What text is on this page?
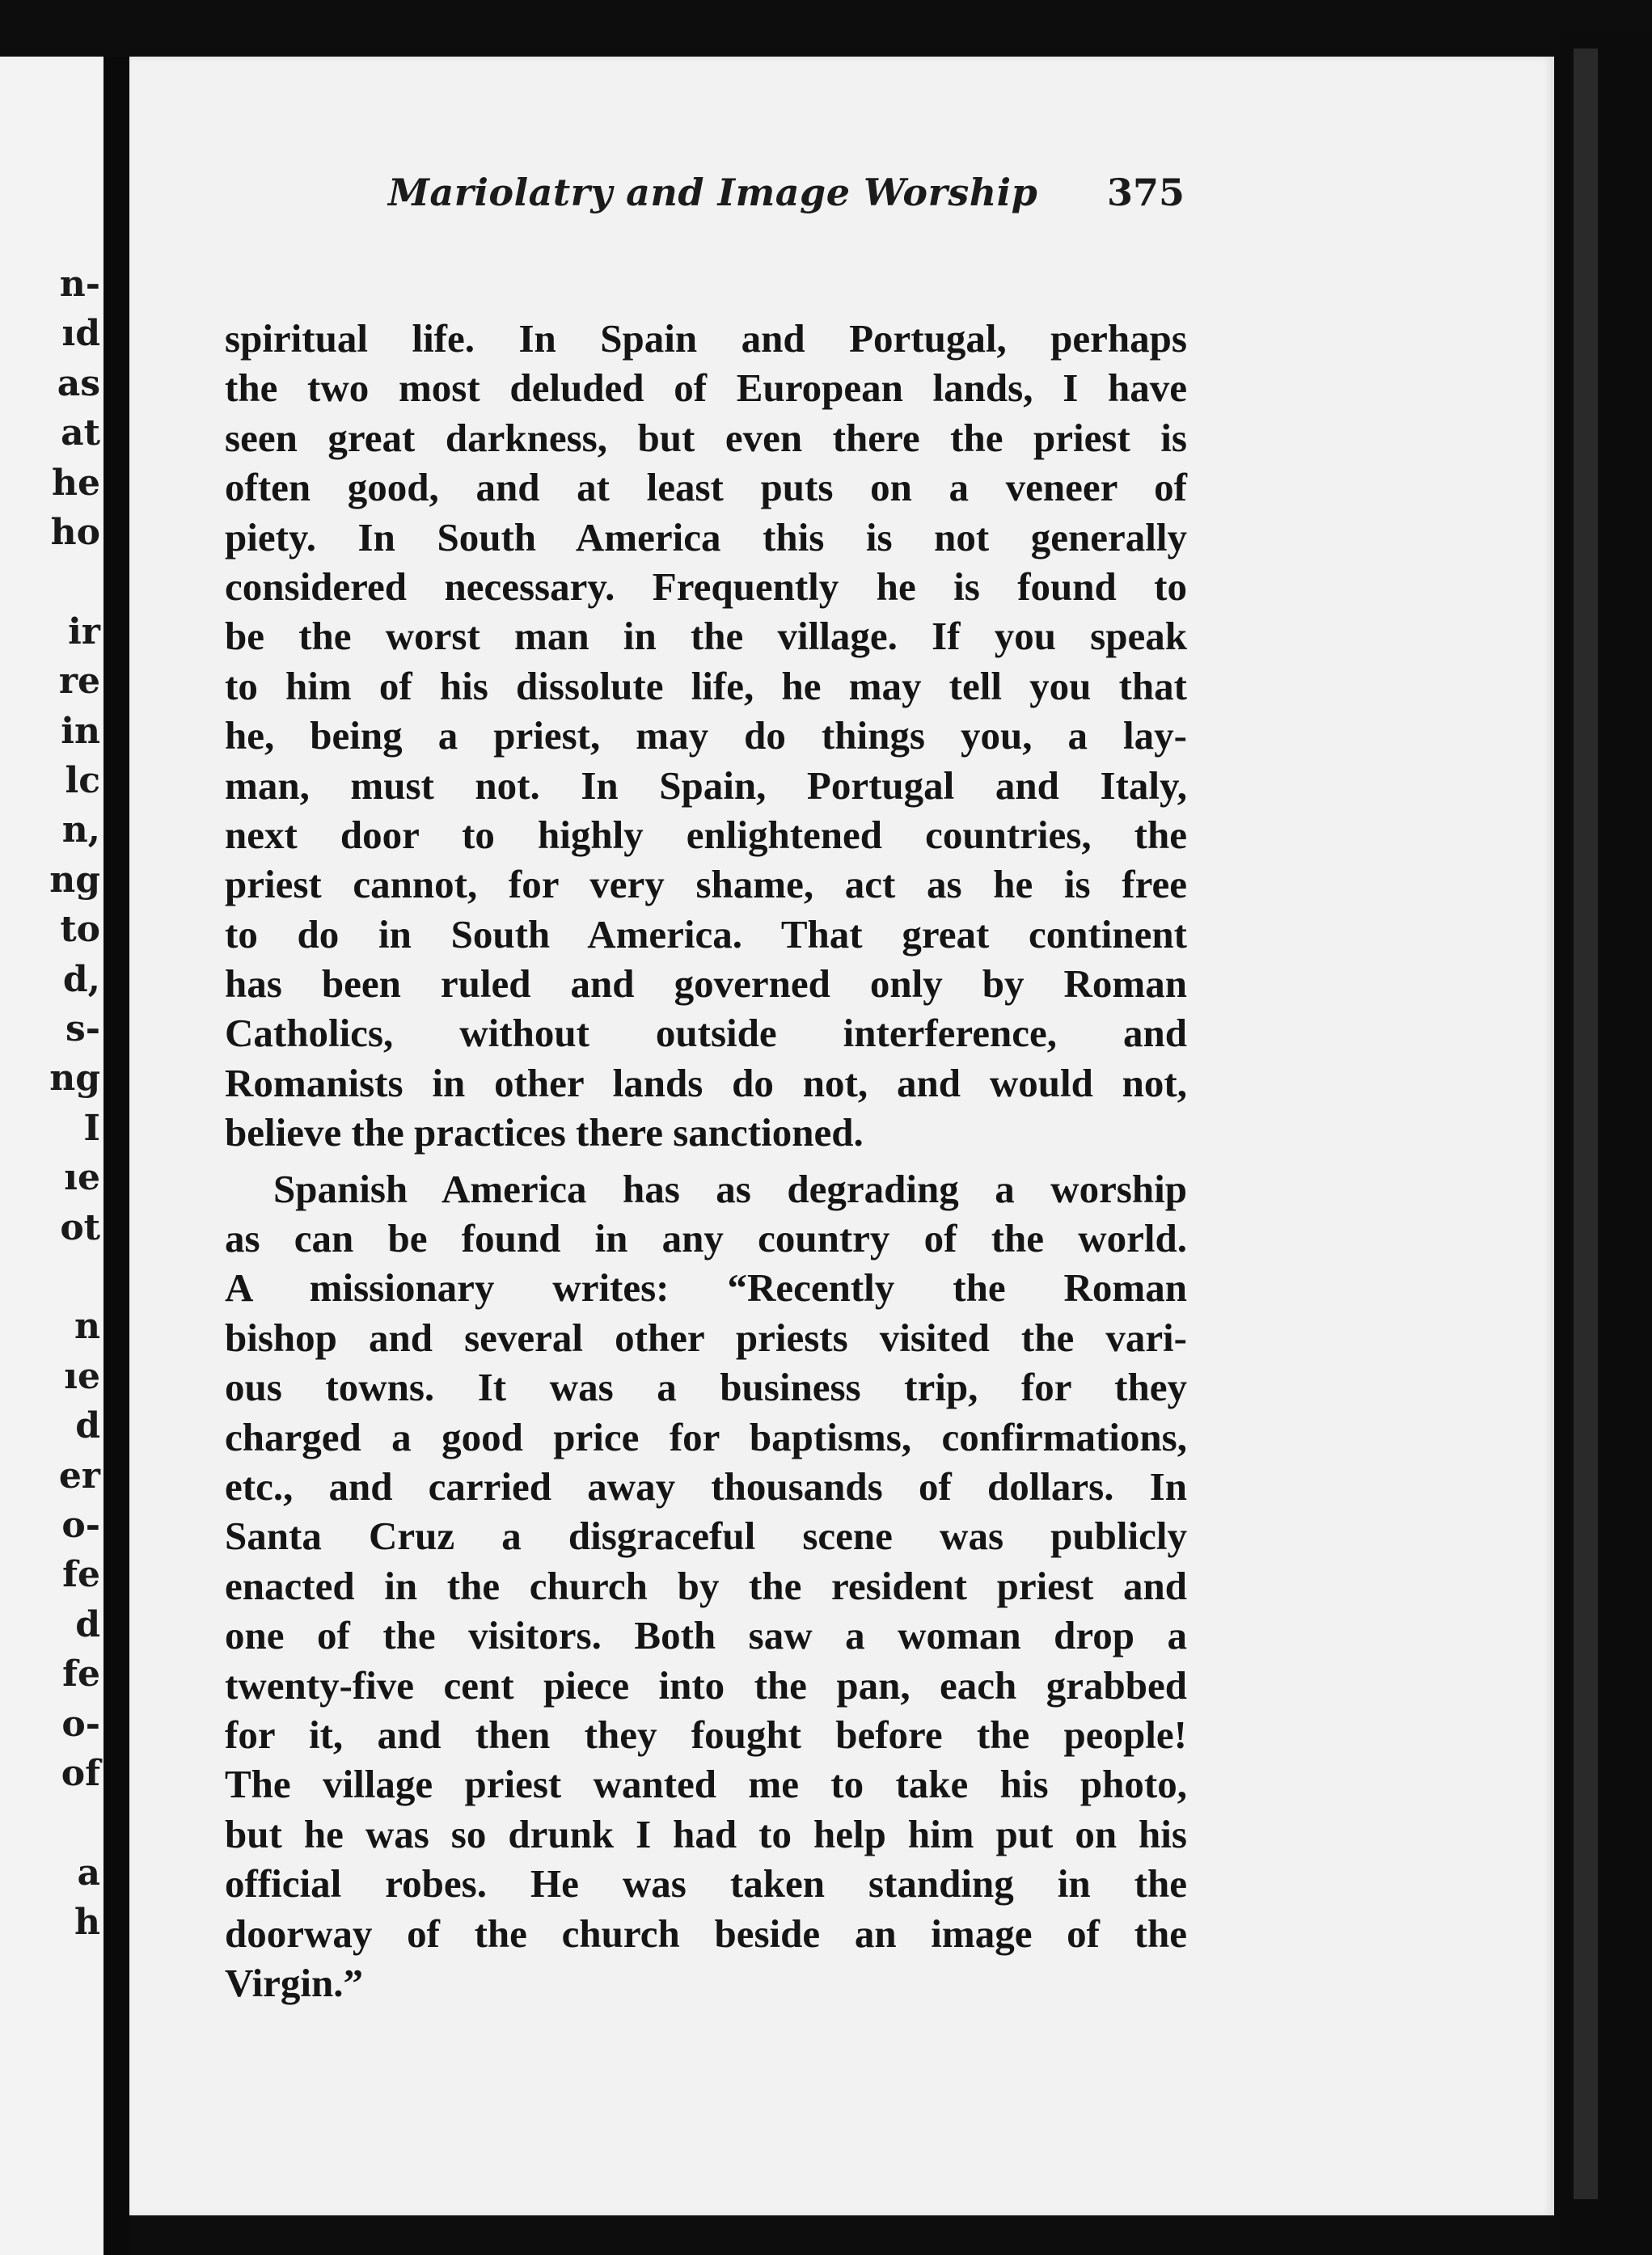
n-
ıd
as
at
he
ho
ir
re
in
lc
n,
ng
to
d,
s-
ng
I
ıe
ot
n
ıe
d
er
o-
fe
d
fe
o-
of
a
h
Mariolatry and Image Worship 375
spiritual life. In Spain and Portugal, perhaps
the two most deluded of European lands, I have
seen great darkness, but even there the priest is
often good, and at least puts on a veneer of
piety. In South America this is not generally
considered necessary. Frequently he is found to
be the worst man in the village. If you speak
to him of his dissolute life, he may tell you that
he, being a priest, may do things you, a lay-
man, must not. In Spain, Portugal and Italy,
next door to highly enlightened countries, the
priest cannot, for very shame, act as he is free
to do in South America. That great continent
has been ruled and governed only by Roman
Catholics, without outside interference, and
Romanists in other lands do not, and would not,
believe the practices there sanctioned.
Spanish America has as degrading a worship
as can be found in any country of the world.
A missionary writes: “Recently the Roman
bishop and several other priests visited the vari-
ous towns. It was a business trip, for they
charged a good price for baptisms, confirmations,
etc., and carried away thousands of dollars. In
Santa Cruz a disgraceful scene was publicly
enacted in the church by the resident priest and
one of the visitors. Both saw a woman drop a
twenty-five cent piece into the pan, each grabbed
for it, and then they fought before the people!
The village priest wanted me to take his photo,
but he was so drunk I had to help him put on his
official robes. He was taken standing in the
doorway of the church beside an image of the
Virgin.”
